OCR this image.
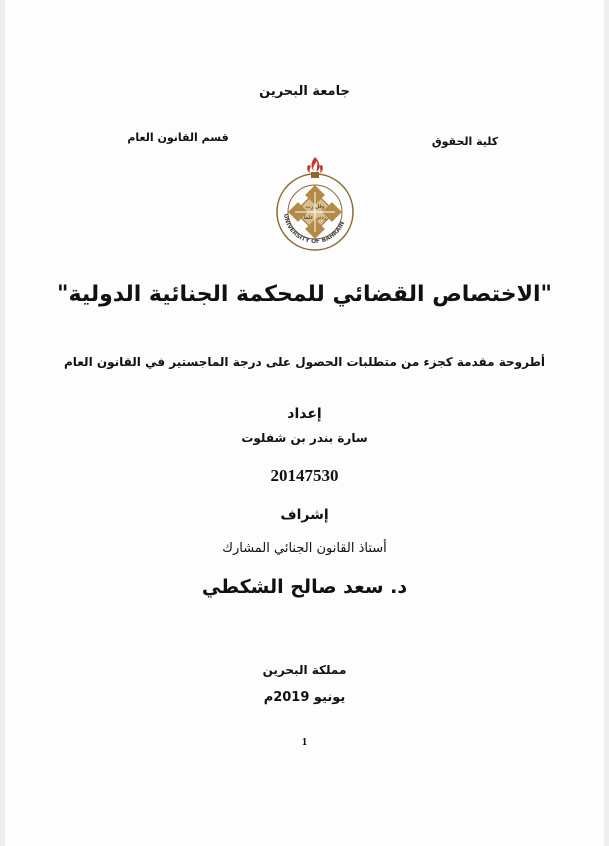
جامعة البحرين
كلية الحقوق
قسم القانون العام
UNIVERSITY OF BAHRAIN
وقل رب
زدني علما
"الاختصاص القضائي للمحكمة الجنائية الدولية"
أطروحة مقدمة كجزء من متطلبات الحصول على درجة الماجستير في القانون العام
إعداد
سارة بندر بن شفلوت
20147530
إشراف
أستاذ القانون الجنائي المشارك
د. سعد صالح الشكطي
مملكة البحرين
يونيو 2019م
1
